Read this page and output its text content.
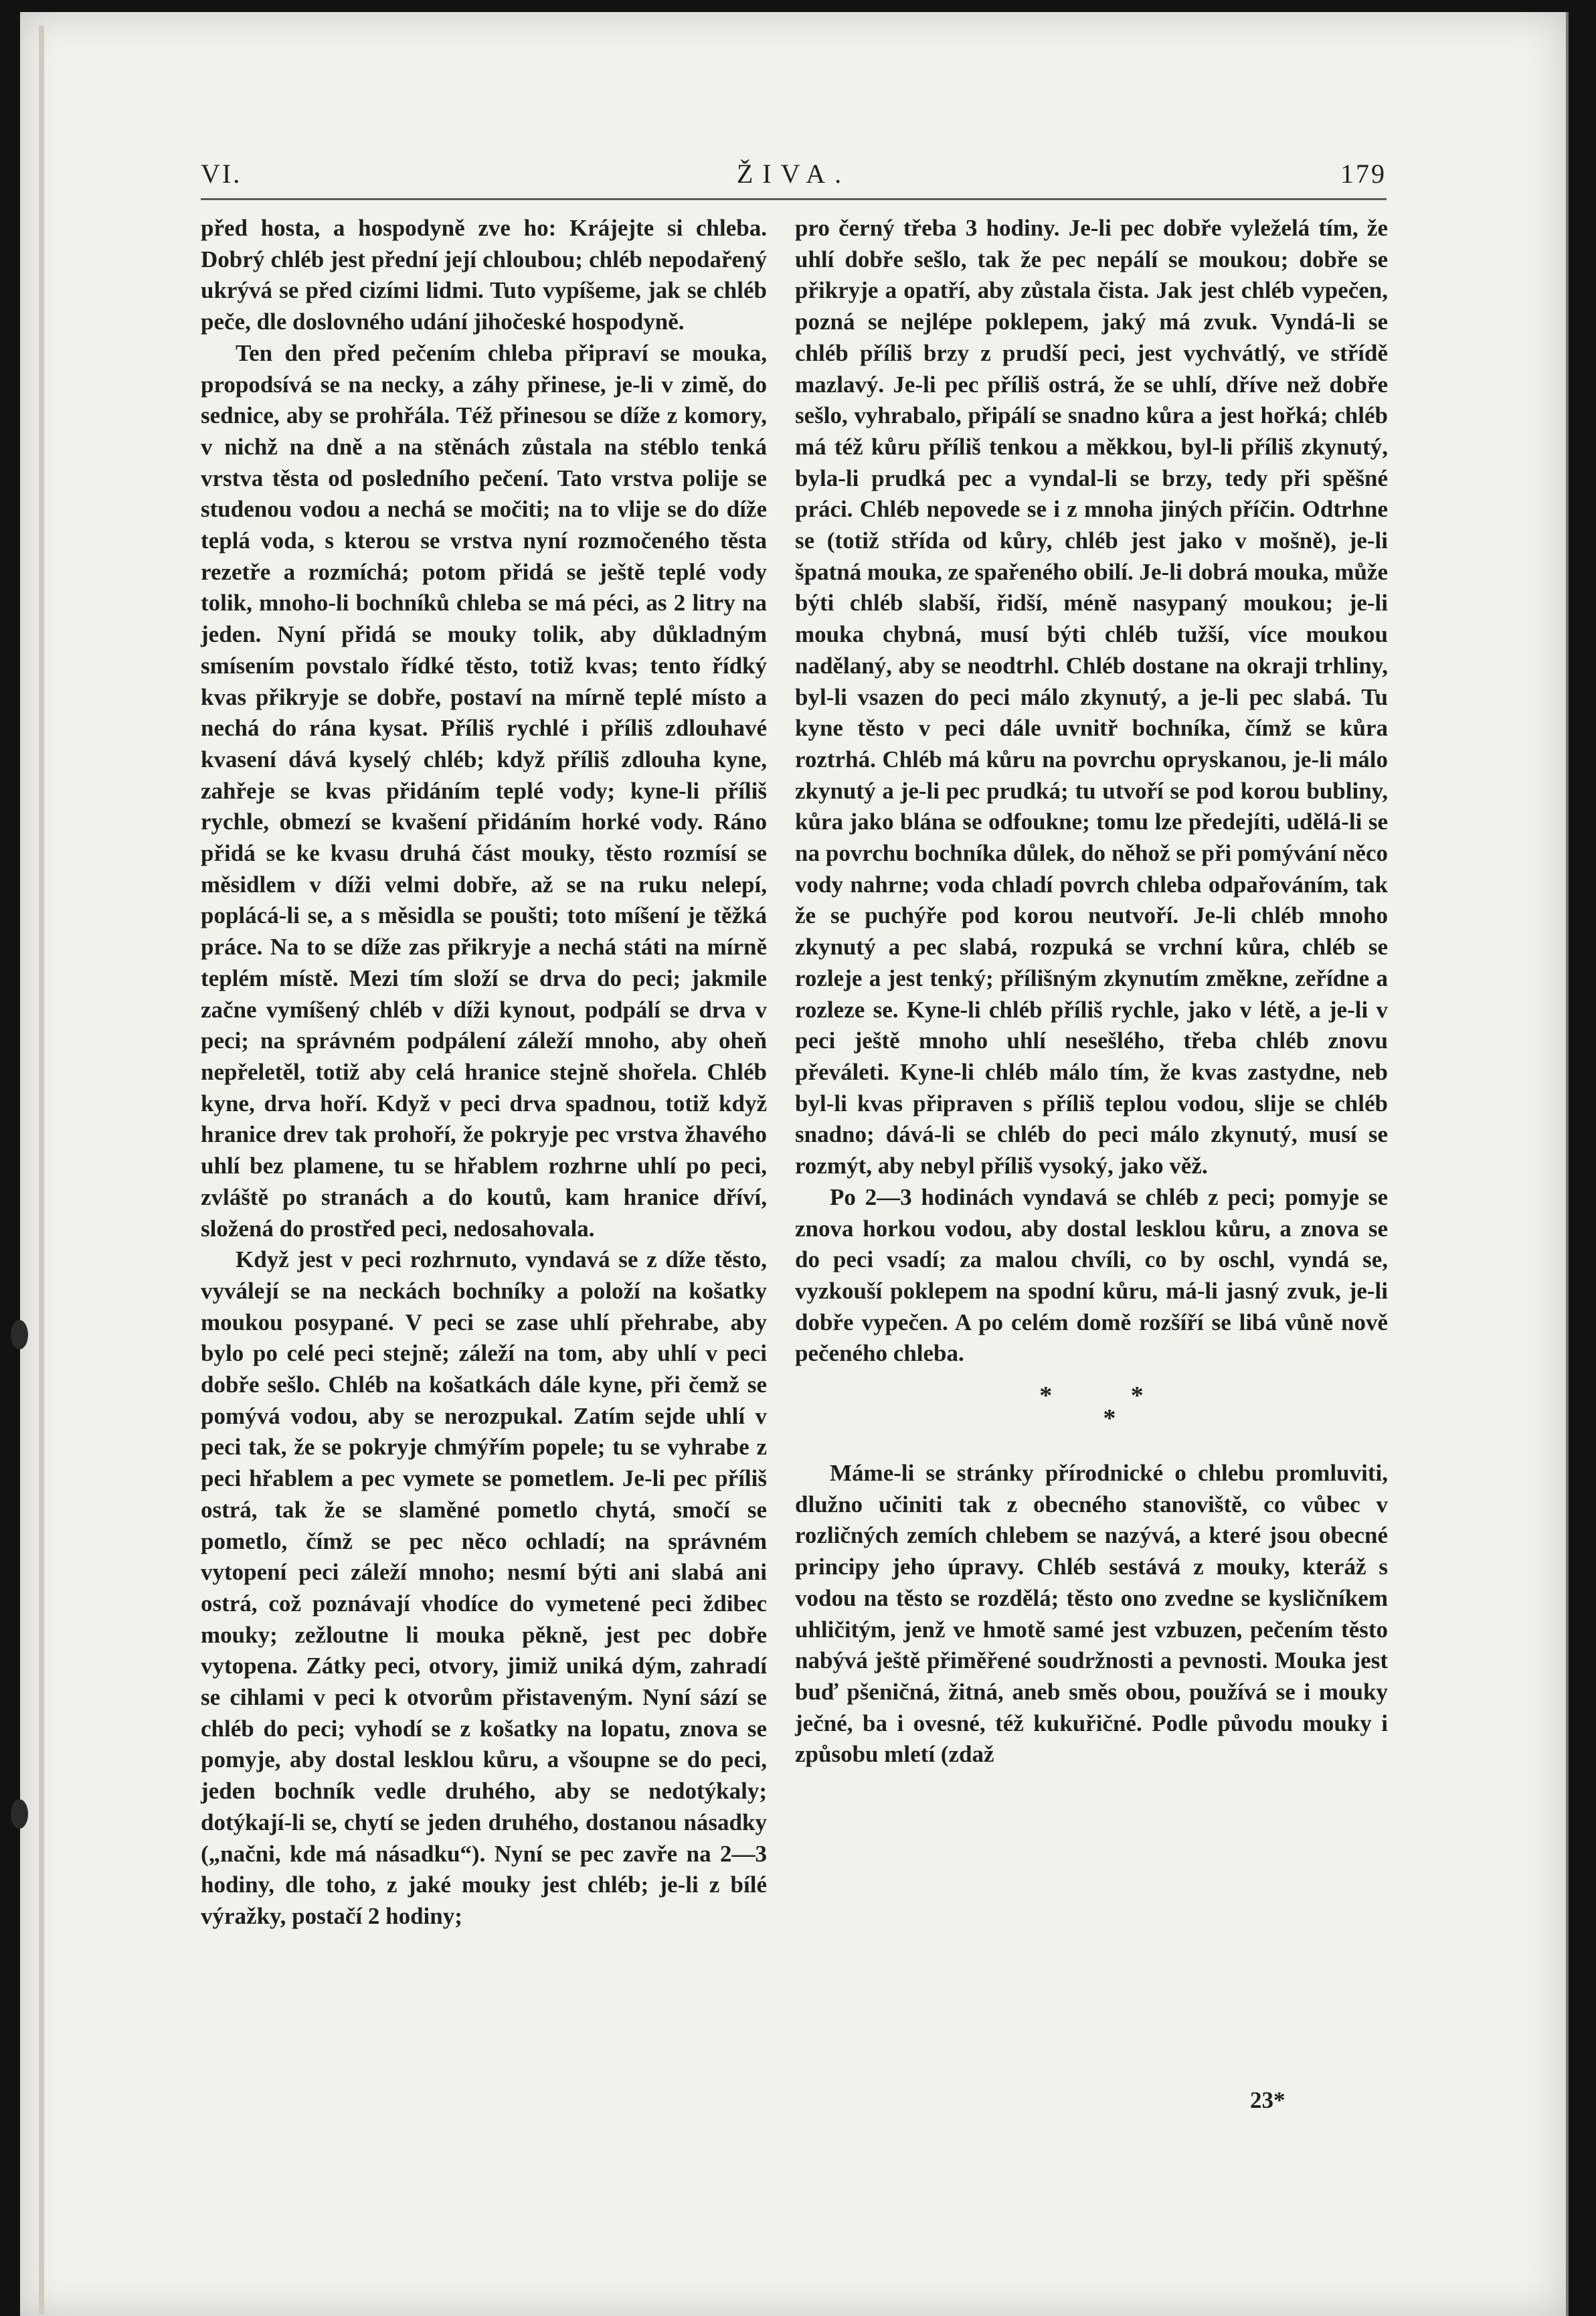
VI.	ŽIVA.	179

před hosta, a hospodyně zve ho: Krájejte si chleba. Dobrý chléb jest přední její chloubou; chléb nepodařený ukrývá se před cizími lidmi. Tuto vypíšeme, jak se chléb peče, dle doslovného udání jihočeské hospodyně.

Ten den před pečením chleba připraví se mouka, propodsívá se na necky, a záhy přinese, je-li v zimě, do sednice, aby se prohřála. Též přinesou se díže z komory, v nichž na dně a na stěnách zůstala na stéblo tenká vrstva těsta od posledního pečení. Tato vrstva polije se studenou vodou a nechá se močiti; na to vlije se do díže teplá voda, s kterou se vrstva nyní rozmočeného těsta rezetře a rozmíchá; potom přidá se ještě teplé vody tolik, mnoho-li bochníků chleba se má péci, as 2 litry na jeden. Nyní přidá se mouky tolik, aby důkladným smísením povstalo řídké těsto, totiž kvas; tento řídký kvas přikryje se dobře, postaví na mírně teplé místo a nechá do rána kysat. Příliš rychlé i příliš zdlouhavé kvasení dává kyselý chléb; když příliš zdlouha kyne, zahřeje se kvas přidáním teplé vody; kyne-li příliš rychle, obmezí se kvašení přidáním horké vody. Ráno přidá se ke kvasu druhá část mouky, těsto rozmísí se měsidlem v díži velmi dobře, až se na ruku nelepí, poplácá-li se, a s měsidla se poušti; toto míšení je těžká práce. Na to se díže zas přikryje a nechá státi na mírně teplém místě. Mezi tím složí se drva do peci; jakmile začne vymíšený chléb v díži kynout, podpálí se drva v peci; na správném podpálení záleží mnoho, aby oheň nepřeletěl, totiž aby celá hranice stejně shořela. Chléb kyne, drva hoří. Když v peci drva spadnou, totiž když hranice drev tak prohoří, že pokryje pec vrstva žhavého uhlí bez plamene, tu se hřablem rozhrne uhlí po peci, zvláště po stranách a do koutů, kam hranice dříví, složená do prostřed peci, nedosahovala.

Když jest v peci rozhrnuto, vyndavá se z díže těsto, vyválejí se na neckách bochníky a položí na košatky moukou posypané. V peci se zase uhlí přehrabe, aby bylo po celé peci stejně; záleží na tom, aby uhlí v peci dobře sešlo. Chléb na košatkách dále kyne, při čemž se pomývá vodou, aby se nerozpukal. Zatím sejde uhlí v peci tak, že se pokryje chmýřím popele; tu se vyhrabe z peci hřablem a pec vymete se pometlem. Je-li pec příliš ostrá, tak že se slaměné pometlo chytá, smočí se pometlo, čímž se pec něco ochladí; na správném vytopení peci záleží mnoho; nesmí býti ani slabá ani ostrá, což poznávají vhodíce do vymetené peci ždibec mouky; zežloutne li mouka pěkně, jest pec dobře vytopena. Zátky peci, otvory, jimiž uniká dým, zahradí se cihlami v peci k otvorům přistaveným. Nyní sází se chléb do peci; vyhodí se z košatky na lopatu, znova se pomyje, aby dostal lesklou kůru, a všoupne se do peci, jeden bochník vedle druhého, aby se nedotýkaly; dotýkají-li se, chytí se jeden druhého, dostanou násadky („načni, kde má násadku“). Nyní se pec zavře na 2—3 hodiny, dle toho, z jaké mouky jest chléb; je-li z bílé výražky, postačí 2 hodiny;

pro černý třeba 3 hodiny. Je-li pec dobře vyleželá tím, že uhlí dobře sešlo, tak že pec nepálí se moukou; dobře se přikryje a opatří, aby zůstala čista. Jak jest chléb vypečen, pozná se nejlépe poklepem, jaký má zvuk. Vyndá-li se chléb příliš brzy z prudší peci, jest vychvátlý, ve střídě mazlavý. Je-li pec příliš ostrá, že se uhlí, dříve než dobře sešlo, vyhrabalo, připálí se snadno kůra a jest hořká; chléb má též kůru příliš tenkou a měkkou, byl-li příliš zkynutý, byla-li prudká pec a vyndal-li se brzy, tedy při spěšné práci. Chléb nepovede se i z mnoha jiných příčin. Odtrhne se (totiž střída od kůry, chléb jest jako v mošně), je-li špatná mouka, ze spařeného obilí. Je-li dobrá mouka, může býti chléb slabší, řidší, méně nasypaný moukou; je-li mouka chybná, musí býti chléb tužší, více moukou nadělaný, aby se neodtrhl. Chléb dostane na okraji trhliny, byl-li vsazen do peci málo zkynutý, a je-li pec slabá. Tu kyne těsto v peci dále uvnitř bochníka, čímž se kůra roztrhá. Chléb má kůru na povrchu opryskanou, je-li málo zkynutý a je-li pec prudká; tu utvoří se pod korou bubliny, kůra jako blána se odfoukne; tomu lze předejíti, udělá-li se na povrchu bochníka důlek, do něhož se při pomývání něco vody nahrne; voda chladí povrch chleba odpařováním, tak že se puchýře pod korou neutvoří. Je-li chléb mnoho zkynutý a pec slabá, rozpuká se vrchní kůra, chléb se rozleje a jest tenký; přílišným zkynutím změkne, zeřídne a rozleze se. Kyne-li chléb příliš rychle, jako v létě, a je-li v peci ještě mnoho uhlí nesešlého, třeba chléb znovu převáleti. Kyne-li chléb málo tím, že kvas zastydne, neb byl-li kvas připraven s příliš teplou vodou, slije se chléb snadno; dává-li se chléb do peci málo zkynutý, musí se rozmýt, aby nebyl příliš vysoký, jako věž.

Po 2—3 hodinách vyndavá se chléb z peci; pomyje se znova horkou vodou, aby dostal lesklou kůru, a znova se do peci vsadí; za malou chvíli, co by oschl, vyndá se, vyzkouší poklepem na spodní kůru, má-li jasný zvuk, je-li dobře vypečen. A po celém domě rozšíří se libá vůně nově pečeného chleba.

* *
*

Máme-li se stránky přírodnické o chlebu promluviti, dlužno učiniti tak z obecného stanoviště, co vůbec v rozličných zemích chlebem se nazývá, a které jsou obecné principy jeho úpravy. Chléb sestává z mouky, kteráž s vodou na těsto se rozdělá; těsto ono zvedne se kysličníkem uhličitým, jenž ve hmotě samé jest vzbuzen, pečením těsto nabývá ještě přiměřené soudržnosti a pevnosti. Mouka jest buď pšeničná, žitná, aneb směs obou, používá se i mouky ječné, ba i ovesné, též kukuřičné. Podle původu mouky i způsobu mletí (zdaž

23*
